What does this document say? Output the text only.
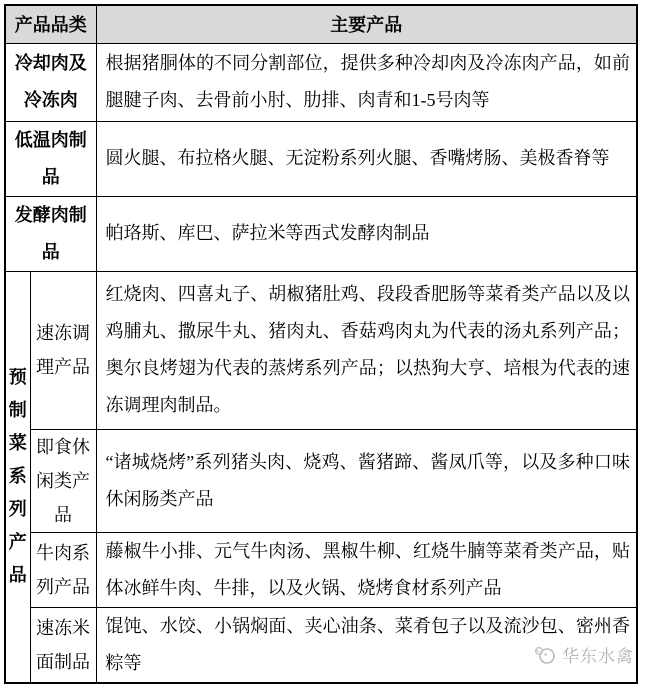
产品品类		主要产品
冷却肉及冷冻肉		根据猪胴体的不同分割部位，提供多种冷却肉及冷冻肉产品，如前腿腱子肉、去骨前小肘、肋排、肉青和1-5号肉等
低温肉制品		圆火腿、布拉格火腿、无淀粉系列火腿、香嘴烤肠、美极香脊等
发酵肉制品		帕珞斯、库巴、萨拉米等西式发酵肉制品
预制菜系列产品	速冻调理产品	红烧肉、四喜丸子、胡椒猪肚鸡、段段香肥肠等菜肴类产品以及以鸡脯丸、撒尿牛丸、猪肉丸、香菇鸡肉丸为代表的汤丸系列产品；奥尔良烤翅为代表的蒸烤系列产品；以热狗大亨、培根为代表的速冻调理肉制品。
	即食休闲类产品	“诸城烧烤”系列猪头肉、烧鸡、酱猪蹄、酱凤爪等，以及多种口味休闲肠类产品
	牛肉系列产品	藤椒牛小排、元气牛肉汤、黑椒牛柳、红烧牛腩等菜肴类产品，贴体冰鲜牛肉、牛排，以及火锅、烧烤食材系列产品
	速冻米面制品	馄饨、水饺、小锅焖面、夹心油条、菜肴包子以及流沙包、密州香粽等	华东水禽
